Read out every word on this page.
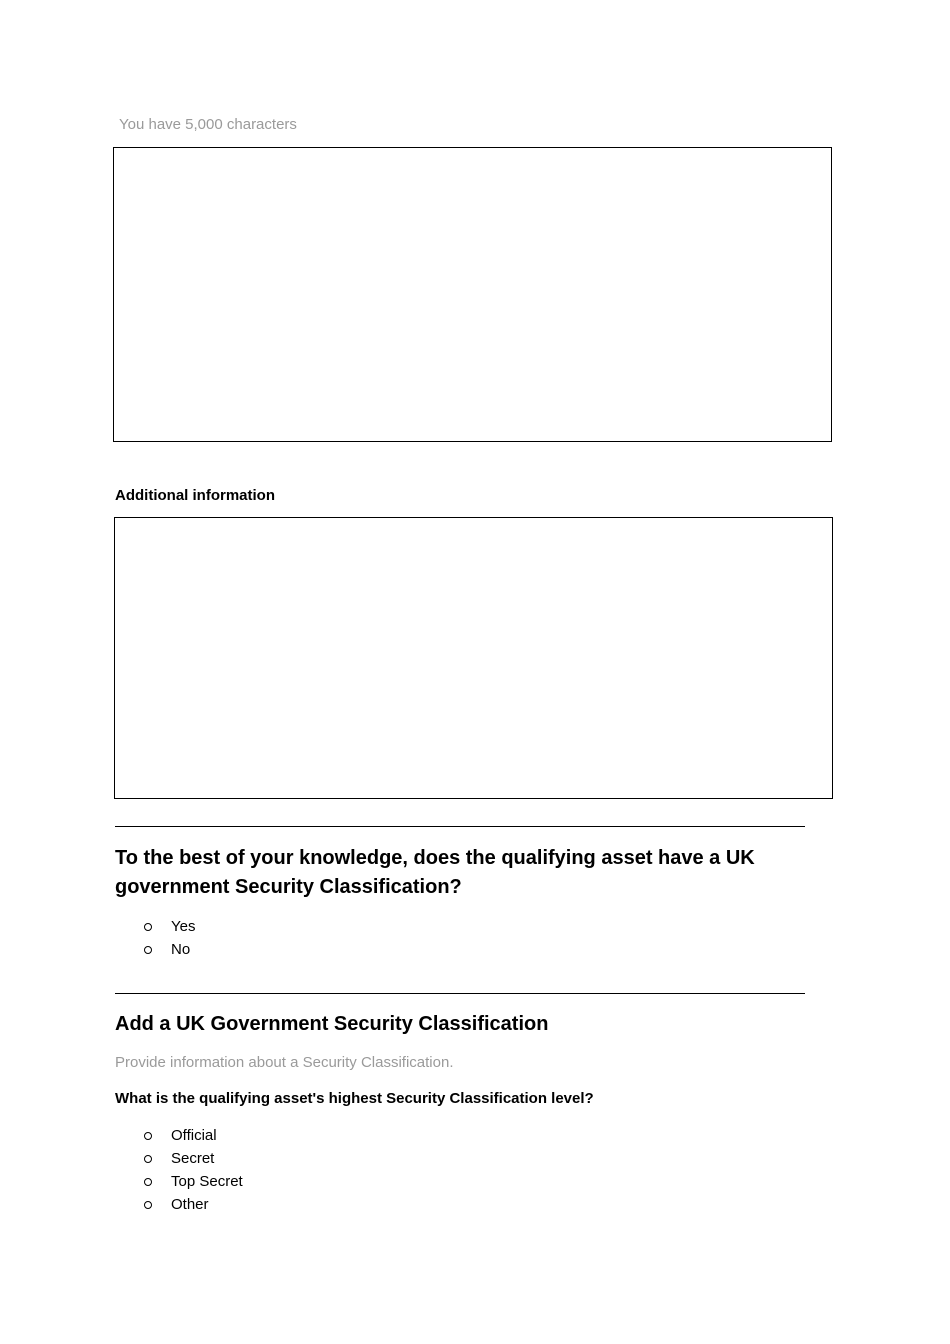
You have 5,000 characters
Additional information
To the best of your knowledge, does the qualifying asset have a UK government Security Classification?
Yes
No
Add a UK Government Security Classification
Provide information about a Security Classification.
What is the qualifying asset's highest Security Classification level?
Official
Secret
Top Secret
Other
